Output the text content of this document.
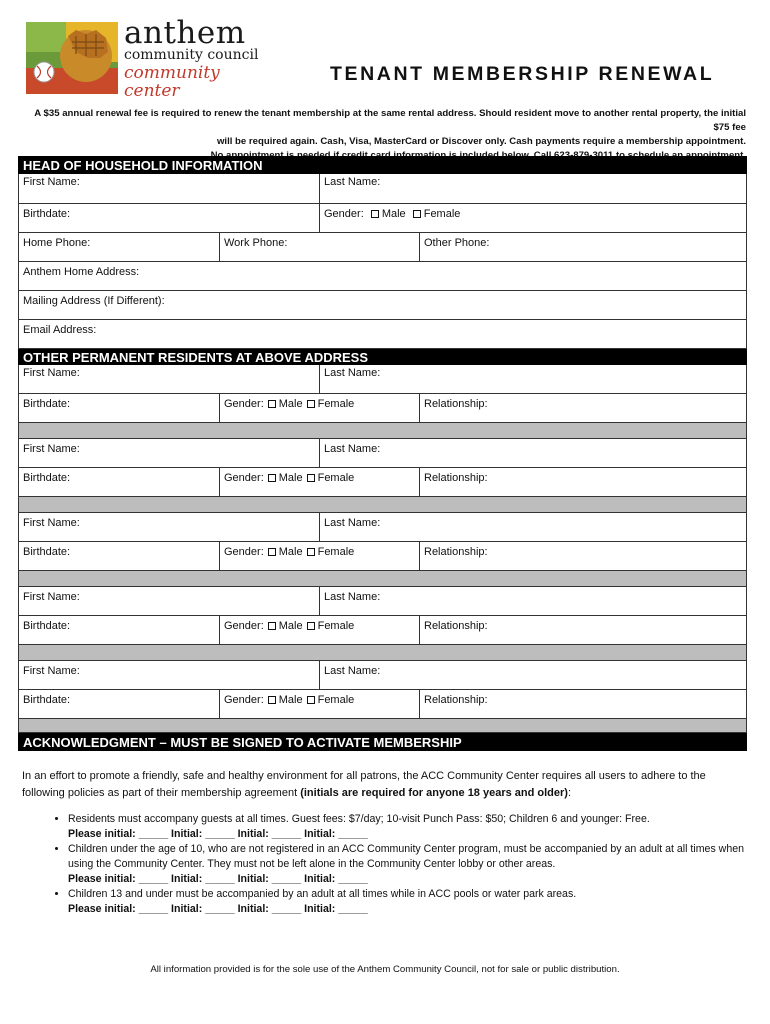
anthem
community council
community center
TENANT MEMBERSHIP RENEWAL
A $35 annual renewal fee is required to renew the tenant membership at the same rental address. Should resident move to another rental property, the initial $75 fee
will be required again. Cash, Visa, MasterCard or Discover only. Cash payments require a membership appointment.
HEAD OF HOUSEHOLD INFORMATION
First Name:	Last Name:
Birthdate:	Gender: Male Female
Home Phone:	Work Phone:	Other Phone:
Anthem Home Address:
Mailing Address (If Different):
Email Address:
OTHER PERMANENT RESIDENTS AT ABOVE ADDRESS
First Name:	Last Name:
Birthdate:	Gender: Male Female	Relationship:
First Name:	Last Name:
Birthdate:	Gender: Male Female	Relationship:
First Name:	Last Name:
Birthdate:	Gender: Male Female	Relationship:
First Name:	Last Name:
Birthdate:	Gender: Male Female	Relationship:
First Name:	Last Name:
Birthdate:	Gender: Male Female	Relationship:
ACKNOWLEDGMENT – MUST BE SIGNED TO ACTIVATE MEMBERSHIP
In an effort to promote a friendly, safe and healthy environment for all patrons, the ACC Community Center requires all users to adhere to the following policies as part of their membership agreement (initials are required for anyone 18 years and older):
• Residents must accompany guests at all times. Guest fees: $7/day; 10-visit Punch Pass: $50; Children 6 and younger: Free.
Please initial: _____ Initial: _____ Initial: _____ Initial: _____
• Children under the age of 10, who are not registered in an ACC Community Center program, must be accompanied by an adult at all times when using the Community Center. They must not be left alone in the Community Center lobby or other areas.
Please initial: _____ Initial: _____ Initial: _____ Initial: _____
• Children 13 and under must be accompanied by an adult at all times while in ACC pools or water park areas.
Please initial: _____ Initial: _____ Initial: _____ Initial: _____
All information provided is for the sole use of the Anthem Community Council, not for sale or public distribution.
